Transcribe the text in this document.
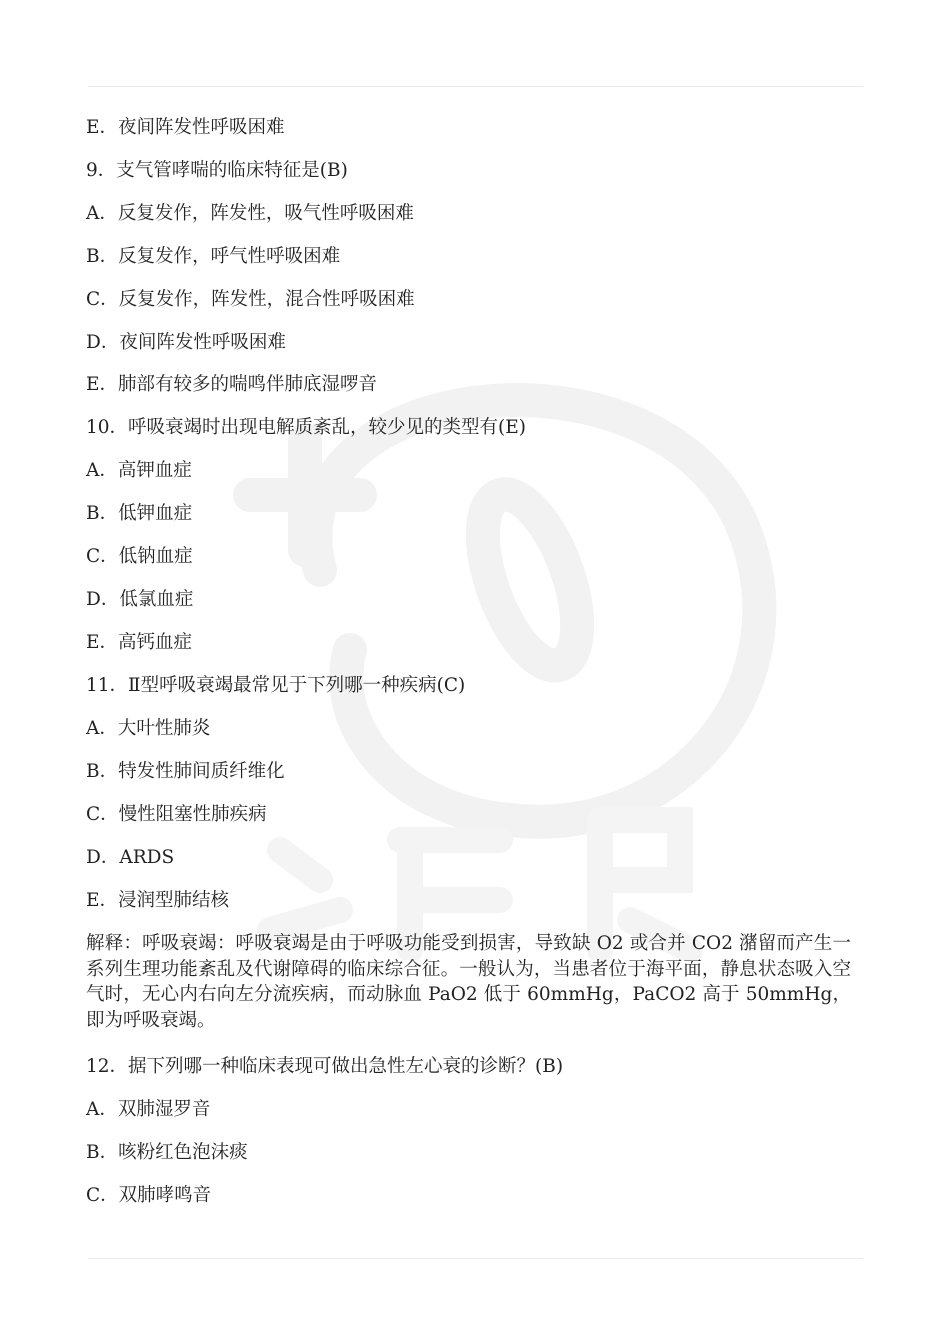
E．夜间阵发性呼吸困难
9．支气管哮喘的临床特征是(B)
A．反复发作，阵发性，吸气性呼吸困难
B．反复发作，呼气性呼吸困难
C．反复发作，阵发性，混合性呼吸困难
D．夜间阵发性呼吸困难
E．肺部有较多的喘鸣伴肺底湿啰音
10．呼吸衰竭时出现电解质紊乱，较少见的类型有(E)
A．高钾血症
B．低钾血症
C．低钠血症
D．低氯血症
E．高钙血症
11．Ⅱ型呼吸衰竭最常见于下列哪一种疾病(C)
A．大叶性肺炎
B．特发性肺间质纤维化
C．慢性阻塞性肺疾病
D．ARDS
E．浸润型肺结核
解释：呼吸衰竭：呼吸衰竭是由于呼吸功能受到损害，导致缺 O2 或合并 CO2 潴留而产生一系列生理功能紊乱及代谢障碍的临床综合征。一般认为，当患者位于海平面，静息状态吸入空气时，无心内右向左分流疾病，而动脉血 PaO2 低于 60mmHg，PaCO2 高于 50mmHg，即为呼吸衰竭。
12．据下列哪一种临床表现可做出急性左心衰的诊断？(B)
A．双肺湿罗音
B．咳粉红色泡沫痰
C．双肺哮鸣音
